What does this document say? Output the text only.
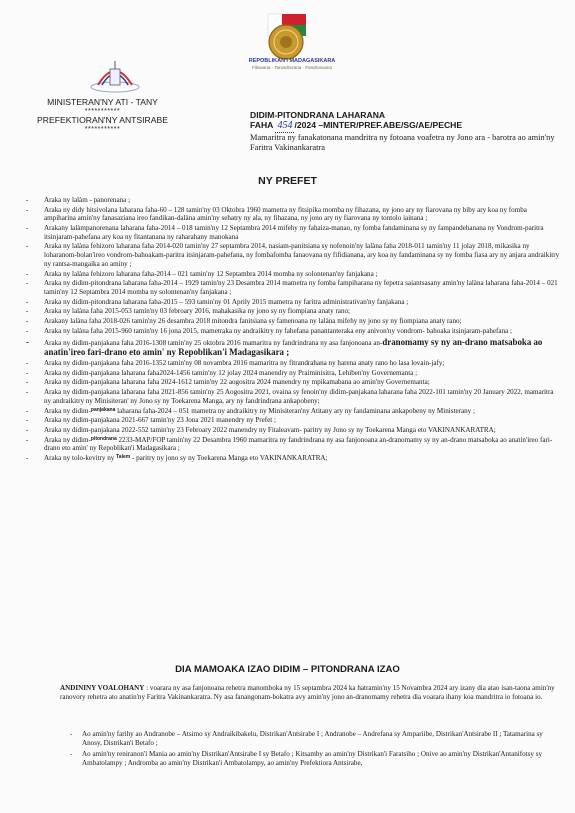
REPOBLIKAN'I MADAGASIKARA
Fitiavana - Tanindrazana - Fandrosoana
MINISTERAN'NY ATI - TANY
***********
PREFEKTIORAN'NY ANTSIRABE
***********
DIDIM-PITONDRANA LAHARANA
FAHA 454 /2024 –MINTER/PREF.ABE/SG/AE/PECHE
Mamaritra ny fanakatonana mandritra ny fotoana voafetra ny Jono ara - barotra ao amin'ny Faritra Vakinankaratra
NY PREFET
- Araka ny lalàm - panorenana ;
- Araka ny didy hitsivolana laharana faha-60 – 128 tamin'ny 03 Oktobra 1960 mametra ny fitsipika momba ny fihazana, ny jono ary ny fiarovana ny biby ary koa ny fomba ampiharina amin'ny fanasaziana ireo fandikan-dalàna amin'ny sehatry ny ala, ny fihazana, ny jono ary ny fiarovana ny tontolo iainana ;
- Arakany lalàmpanorenana laharana faha-2014 – 018 tamin'ny 12 Septambra 2014 mifehy ny fahaiza-manao, ny fomba fandaminana sy ny fampandehanana ny Vondrom-paritra itsinjaram-pahefana ary koa ny fitantanana ny raharahany manokana
- Araka ny lalàna fehizoro laharana faha 2014-020 tamin'ny 27 septambra 2014, nasiam-panitsiana sy nofenoin'ny lalàna faha 2018-011 tamin'ny 11 jolay 2018, mikasika ny loharanom-bolan'ireo vondrom-bahoakam-paritra itsinjaram-pahefana, ny fombafomba fanaovana ny fifidianana, ary koa ny fandaminana sy ny fomba fiasa ary ny anjara andraikitry ny rantsa-mangaika ao aminy ;
- Araka ny lalàna fehizoro laharana faha-2014 – 021 tamin'ny 12 Septambra 2014 momba ny solontenan'ny fanjakana ;
- Araka ny didim-pitondrana laharana faha-2014 – 1929 tamin'ny 23 Desambra 2014 mametra ny fomba fampiharana ny fepetra saiantsasany amin'ny lalàna laharana faha-2014 – 021 tamin'ny 12 Septambra 2014 momba ny solontenan'ny fanjakana ;
- Araka ny didim-pitondrana laharana faha-2015 – 593 tamin'ny 01 Aprily 2015 mametra ny faritra administrativan'ny fanjakana ;
- Araka ny lalàna faha 2015-053 tamin'ny 03 febroary 2016, mahakasika ny jono sy ny fiompiana anaty rano;
- Arakany lalàna faha 2018-026 tamin'ny 26 desambra 2018 mitondra fanitsiana sy famenoana ny lalàna mifehy ny jono sy ny fiompiana anaty rano;
- Araka ny lalàna faha 2015-960 tamin'ny 16 jona 2015, mametraka ny andraikitry ny fahefana panantanteraka eny anivon'ny vondrom- bahoaka itsinjaram-pahefana ;
- Araka ny didim-panjakana faha 2016-1308 tamin'ny 25 oktobra 2016 mamaritra ny fandrindrana ny asa fanjonoana an-dranomamy sy ny an-drano matsaboka ao anatin'ireo fari-drano eto amin' ny Repoblikan'i Madagasikara ;
- Araka ny didim-panjakana faha 2016-1352 tamin'ny 08 novambra 2016 mamaritra ny fitrandrahana ny harena anaty rano ho lasa lovain-jafy;
- Araka ny didim-panjakana laharana faha2024-1456 tamin'ny 12 jolay 2024 manendry ny Praiminisitra, Lehiben'ny Governemanta ;
- Araka ny didim-panjakana laharana faha 2024-1612 tamin'ny 22 aogositra 2024 manendry ny mpikamabana ao amin'ny Governemanta;
- Araka ny didim-panjakana laharana faha 2021-856 tamin'ny 25 Aogositra 2021, ovaina sy fenoin'ny didim-panjakana laharana faha 2022-101 tamin'ny 20 January 2022, mamaritra ny andraikitry ny Minisiteran' ny Jono sy ny Toekarena Manga, ary ny fandrindrana ankapobeny;
- Araka ny didim-$^{panjakana}$ laharana faha-2024 – 051 mametra ny andraikitry ny Minisiteran'ny Atitany ary ny fandaminana ankapobeny ny Ministerany ;
- Araka ny didim-panjakana 2021-667 tamin'ny 23 Jona 2021 manendry ny Prefet ;
- Araka ny didim-panjakana 2022-552 tamin'ny 23 Febroary 2022 manendry ny Fitaleavam- paritry ny Jono sy ny Toekarena Manga eto VAKINANKARATRA;
- Araka ny didim-$^{pitondrana}$ 2233-MAP/FOP tamin'ny 22 Desambra 1960 mamaritra ny fandrindrana ny asa fanjonoana an-dranomamy sy ny an-drano matsaboka ao anatin'ireo fari-drano eto amin' ny Repoblikan'i Madagasikara ;
- Araka ny tolo-kevitry ny $^{Talem}$ - paritry ny jono sy ny Toekarena Manga eto VAKINANKARATRA;
DIA MAMOAKA IZAO DIDIM – PITONDRANA IZAO
ANDININY VOALOHANY : voarara ny asa fanjonoana rehetra manomboka ny 15 septambra 2024 ka hatramin'ny 15 Novambra 2024 ary izany dia atao isan-taona amin'ny ranovory rehetra ato anatin'ny Faritra Vakinankaratra. Ny asa fanangonam-bokatra avy amin'ny jono an-dranomamy rehetra dia voarara ihany koa mandritra io fotoana io.
- Ao amin'ny farihy ao Andranobe – Atsimo sy Andraikibakelu, Distrikan'Antsirabe I ; Andranobe – Andrefana sy Ampariibe, Distrikan'Antsirabe II ; Tatamarina sy Anosy, Distrikan'i Betafo ;
- Ao amin'ny reniranon'i Mania ao amin'ny Distrikan'Antsirabe I sy Betafo ; Kitsamby ao amin'ny Distrikan'i Faratsiho ; Onive ao amin'ny Distrikan'Antanifotsy sy Ambatolampy ; Andromba ao amin'ny Distrikan'i Ambatolampy, ao amin'ny Prefektiora Antsirabe,
